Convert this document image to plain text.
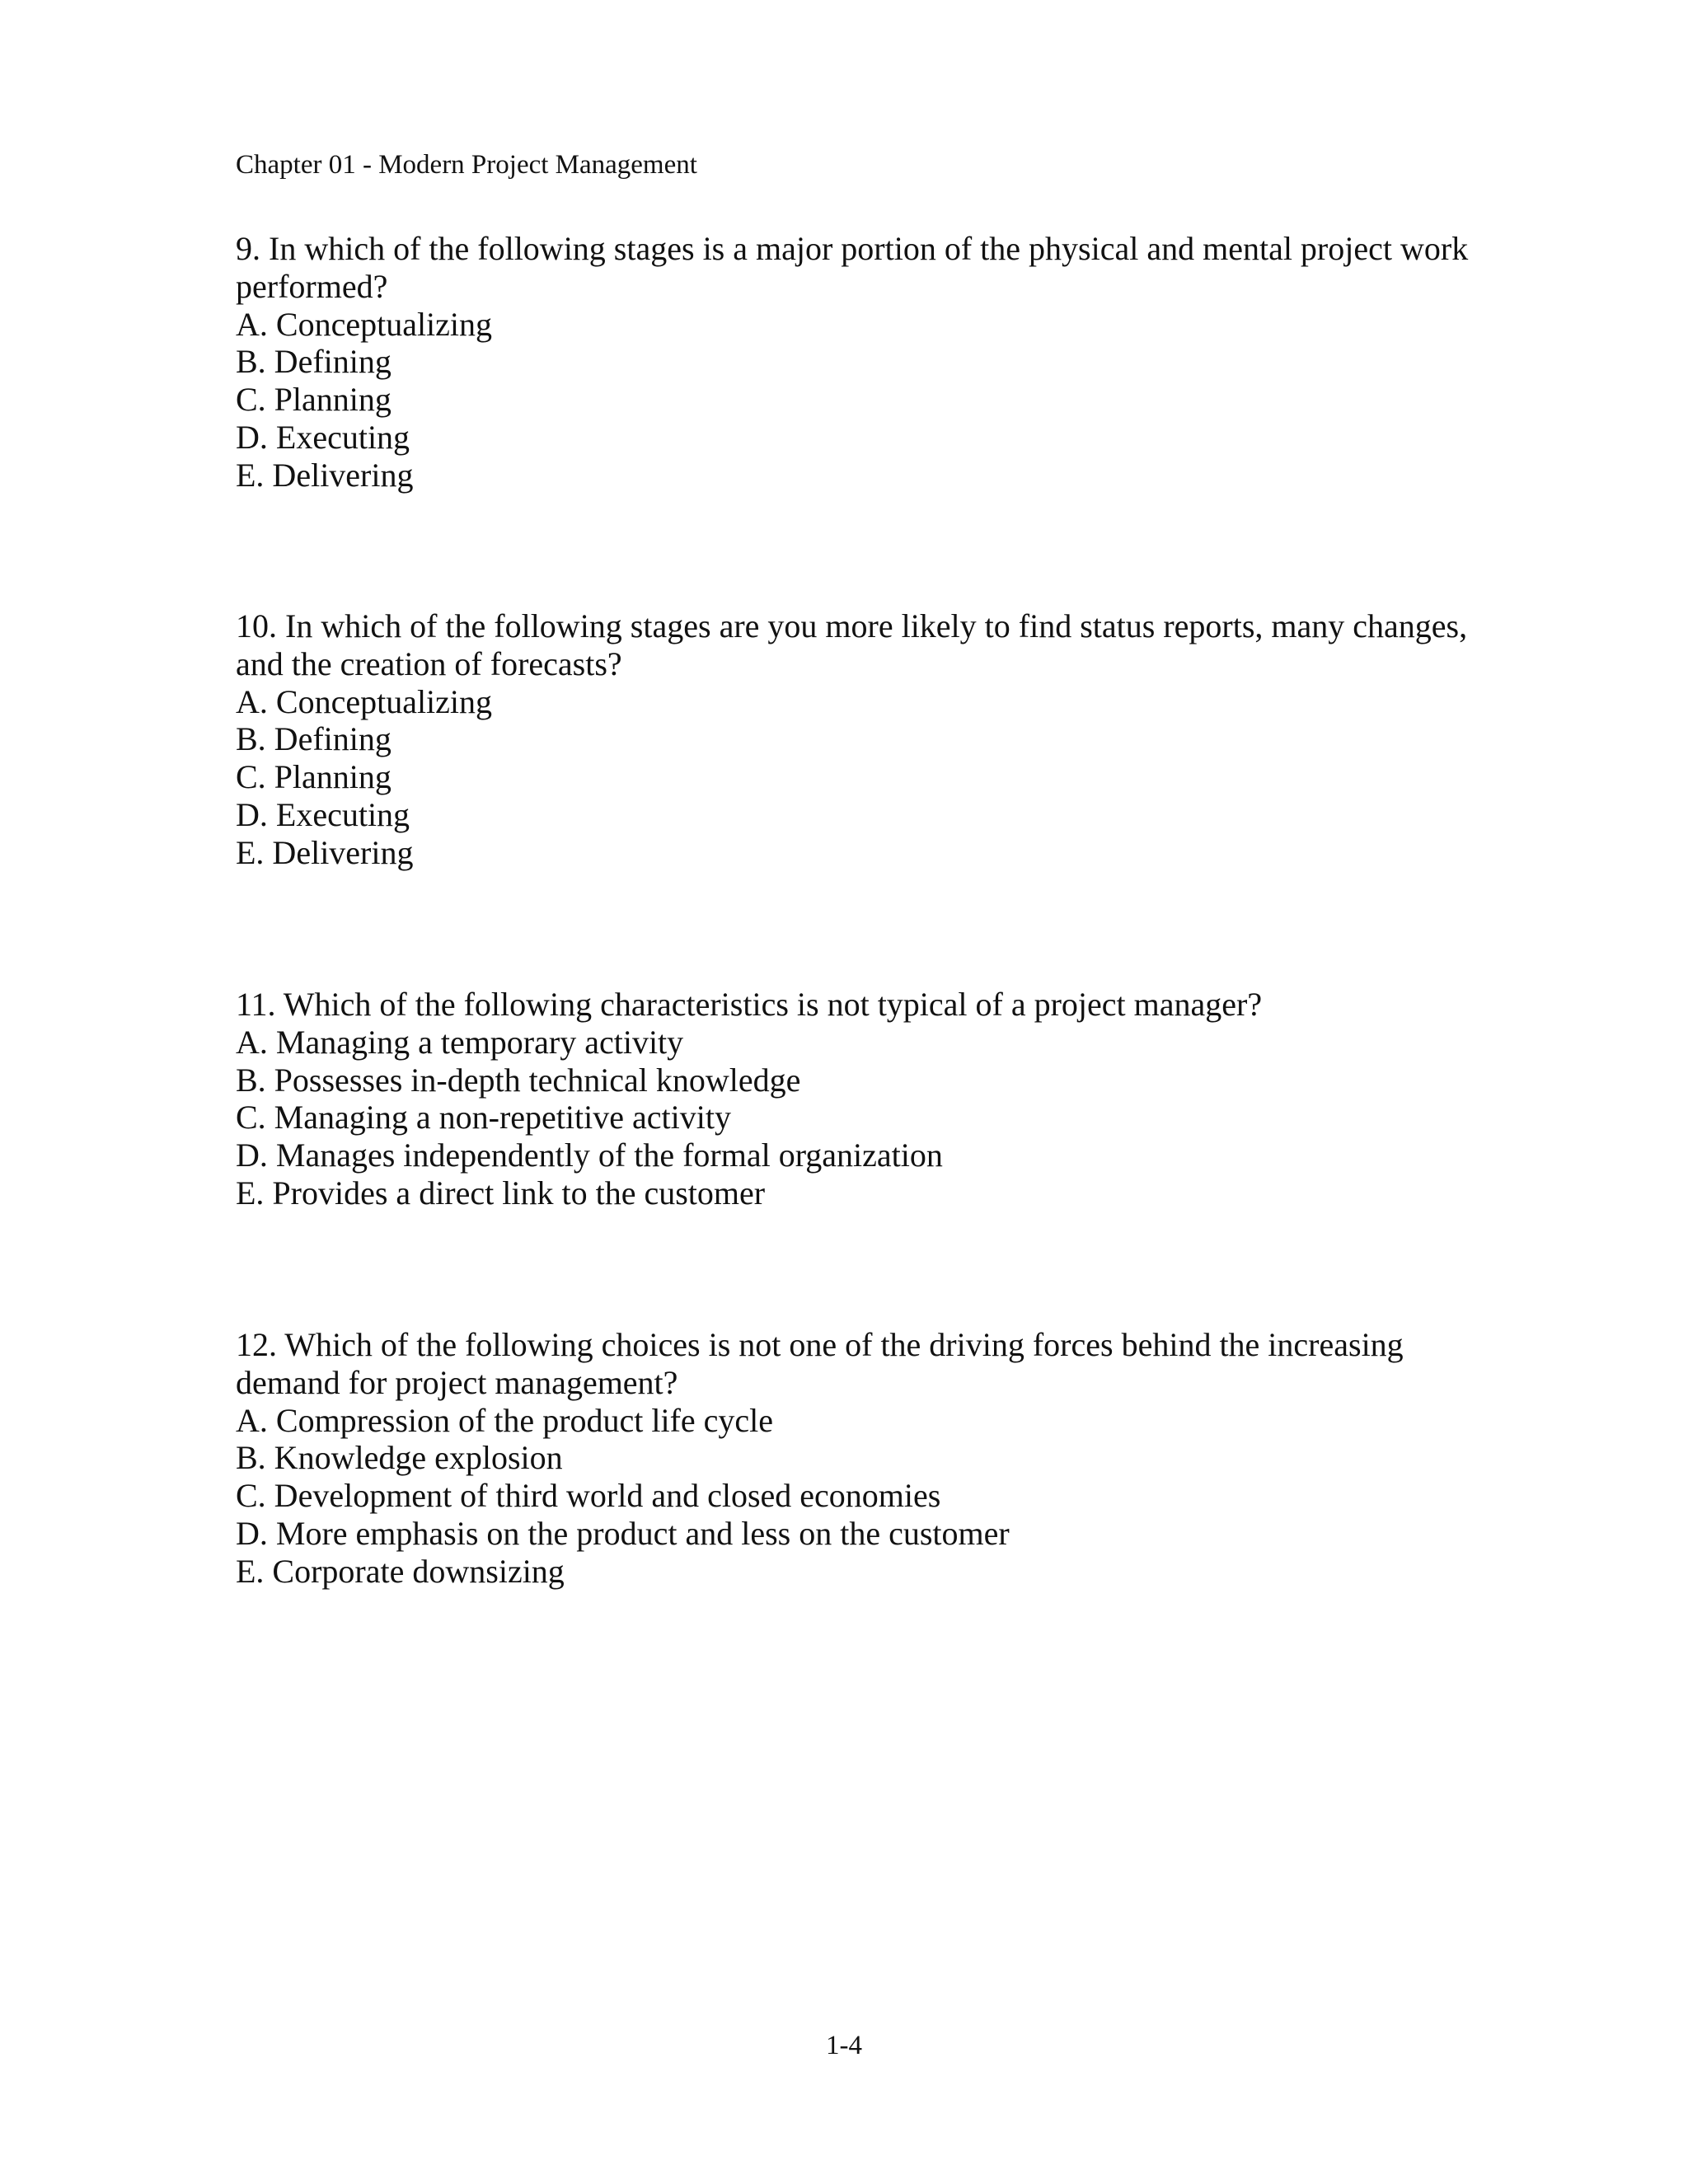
Chapter 01 - Modern Project Management

9. In which of the following stages is a major portion of the physical and mental project work performed?

A. Conceptualizing
B. Defining
C. Planning
D. Executing
E. Delivering

10. In which of the following stages are you more likely to find status reports, many changes, and the creation of forecasts?

A. Conceptualizing
B. Defining
C. Planning
D. Executing
E. Delivering

11. Which of the following characteristics is not typical of a project manager?

A. Managing a temporary activity
B. Possesses in-depth technical knowledge
C. Managing a non-repetitive activity
D. Manages independently of the formal organization
E. Provides a direct link to the customer

12. Which of the following choices is not one of the driving forces behind the increasing demand for project management?

A. Compression of the product life cycle
B. Knowledge explosion
C. Development of third world and closed economies
D. More emphasis on the product and less on the customer
E. Corporate downsizing
1-4
